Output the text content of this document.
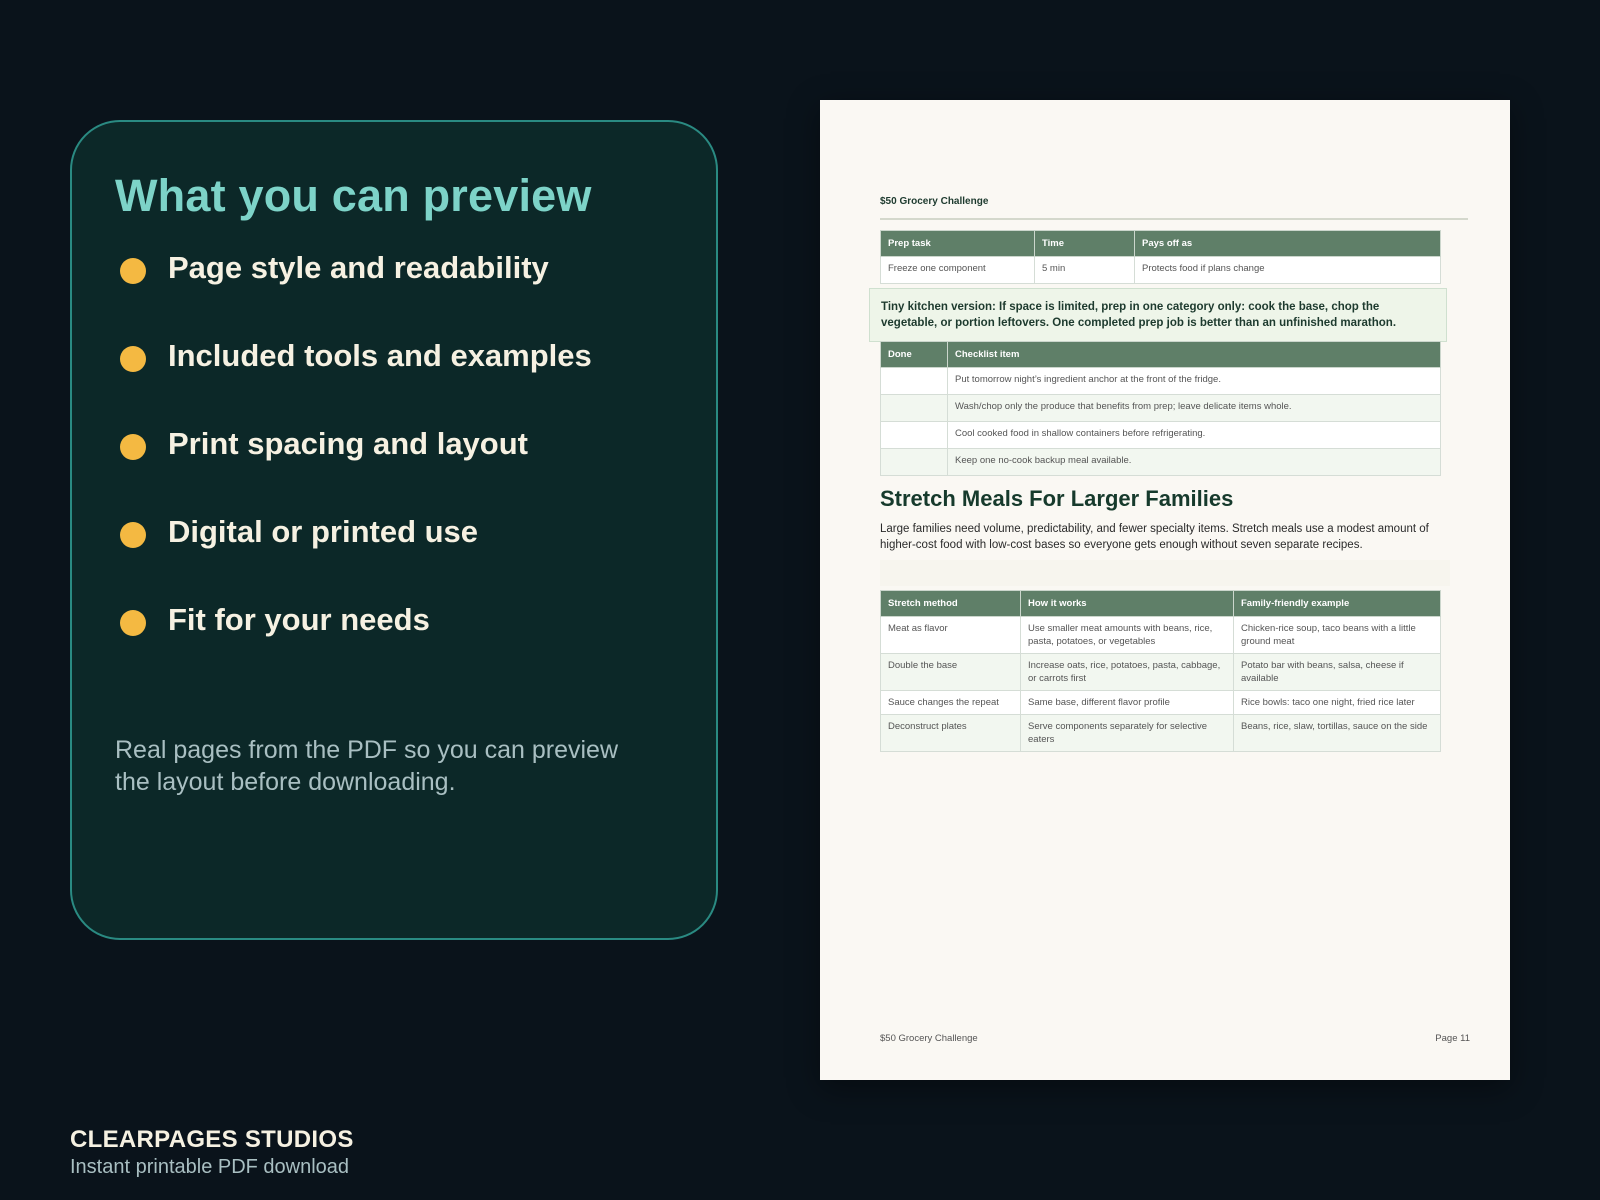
What you can preview
Page style and readability
Included tools and examples
Print spacing and layout
Digital or printed use
Fit for your needs

Real pages from the PDF so you can preview the layout before downloading.

CLEARPAGES STUDIOS
Instant printable PDF download
$50 Grocery Challenge
Prep task	Time	Pays off as
Freeze one component	5 min	Protects food if plans change
Tiny kitchen version: If space is limited, prep in one category only: cook the base, chop the vegetable, or portion leftovers. One completed prep job is better than an unfinished marathon.
Done	Checklist item
	Put tomorrow night’s ingredient anchor at the front of the fridge.
	Wash/chop only the produce that benefits from prep; leave delicate items whole.
	Cool cooked food in shallow containers before refrigerating.
	Keep one no-cook backup meal available.
Stretch Meals For Larger Families

Large families need volume, predictability, and fewer specialty items. Stretch meals use a modest amount of higher-cost food with low-cost bases so everyone gets enough without seven separate recipes.

Stretch method	How it works	Family-friendly example
Meat as flavor	Use smaller meat amounts with beans, rice, pasta, potatoes, or vegetables	Chicken-rice soup, taco beans with a little ground meat
Double the base	Increase oats, rice, potatoes, pasta, cabbage, or carrots first	Potato bar with beans, salsa, cheese if available
Sauce changes the repeat	Same base, different flavor profile	Rice bowls: taco one night, fried rice later
Deconstruct plates	Serve components separately for selective eaters	Beans, rice, slaw, tortillas, sauce on the side
$50 Grocery Challenge	Page 11
